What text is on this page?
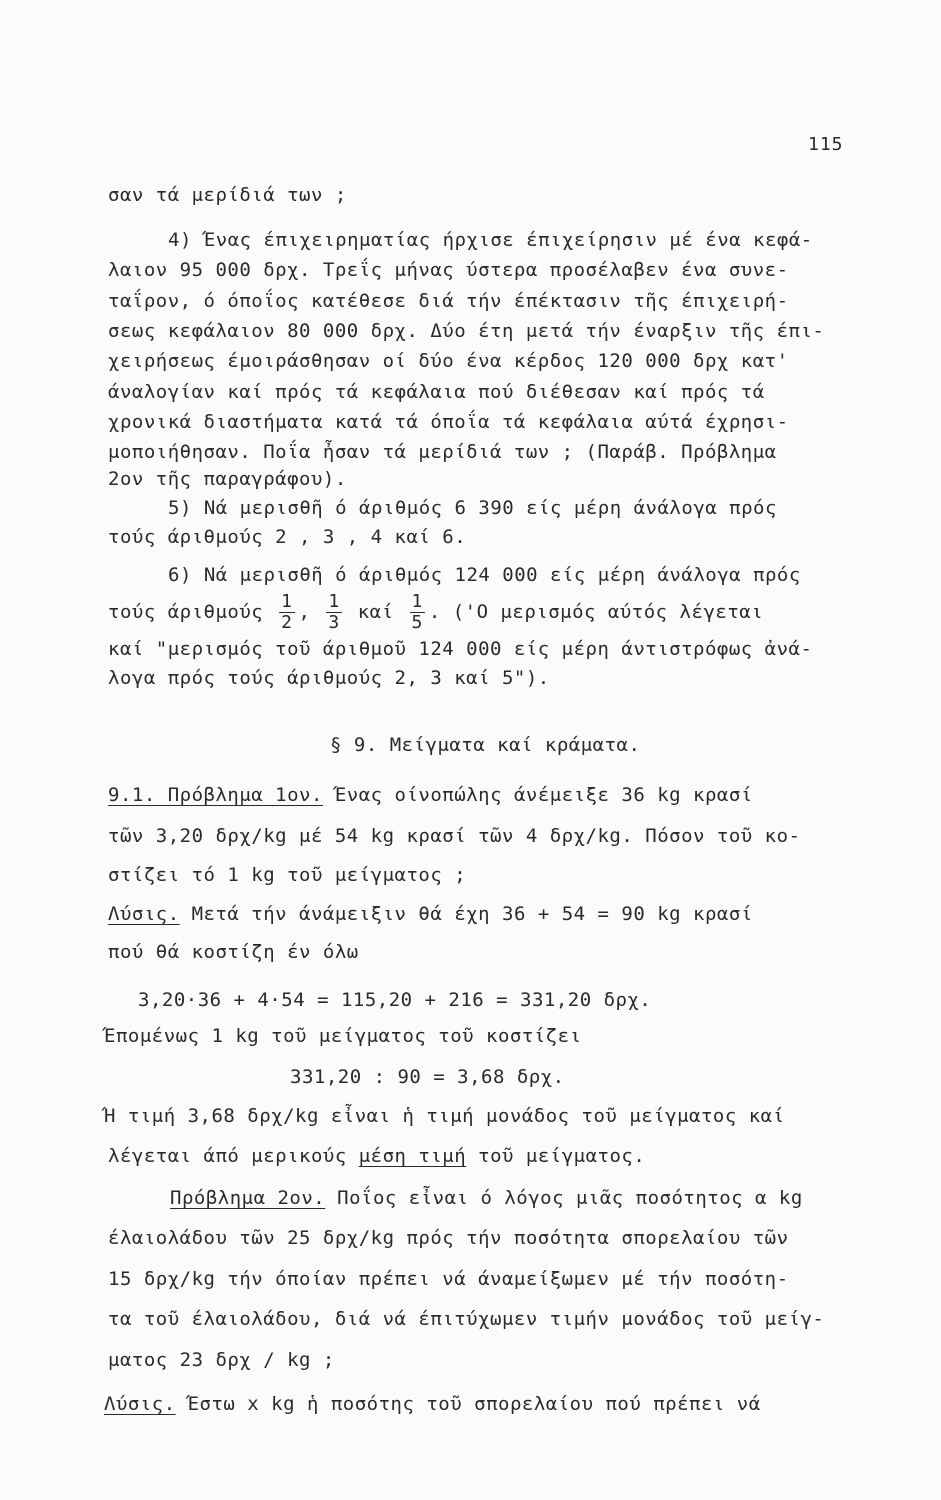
115
σαν τά μερίδιά των ;
4) Ένας έπιχειρηματίας ήρχισε έπιχείρησιν μέ ένα κεφά-
λαιον 95 000 δρχ. Τρεΐς μήνας ύστερα προσέλαβεν ένα συνε-
ταΐρον, ό όποΐος κατέθεσε διά τήν έπέκτασιν τῆς έπιχειρή-
σεως κεφάλαιον 80 000 δρχ. Δύο έτη μετά τήν έναρξιν τῆς έπι-
χειρήσεως έμοιράσθησαν οί δύο ένα κέρδος 120 000 δρχ κατ'
άναλογίαν καί πρός τά κεφάλαια πού διέθεσαν καί πρός τά
χρονικά διαστήματα κατά τά όποΐα τά κεφάλαια αύτά έχρησι-
μοποιήθησαν. Ποΐα ἦσαν τά μερίδιά των ; (Παράβ. Πρόβλημα
2ον τῆς παραγράφου).
5) Νά μερισθῆ ό άριθμός 6 390 είς μέρη άνάλογα πρός
τούς άριθμούς 2 , 3 , 4 καί 6.
6) Νά μερισθῆ ό άριθμός 124 000 είς μέρη άνάλογα πρός
τούς άριθμούς $\frac{1}{2}$ , $\frac{1}{3}$ καί $\frac{1}{5}$ . ('Ο μερισμός αύτός λέγεται
καί "μερισμός τοῦ άριθμοῦ 124 000 είς μέρη άντιστρόφως ἀνά-
λογα πρός τούς άριθμούς 2, 3 καί 5").
§ 9. Μείγματα καί κράματα.
9.1. Πρόβλημα 1ον. Ένας οίνοπώλης άνέμειξε 36 kg κρασί
τῶν 3,20 δρχ/kg μέ 54 kg κρασί τῶν 4 δρχ/kg. Πόσον τοῦ κο-
στίζει τό 1 kg τοῦ μείγματος ;
Λύσις. Μετά τήν άνάμειξιν θά έχη 36 + 54 = 90 kg κρασί
πού θά κοστίζη έν όλω
3,20·36 + 4·54 = 115,20 + 216 = 331,20 δρχ.
Έπομένως 1 kg τοῦ μείγματος τοῦ κοστίζει
331,20 : 90 = 3,68 δρχ.
Ή τιμή 3,68 δρχ/kg εἶναι ἡ τιμή μονάδος τοῦ μείγματος καί
λέγεται άπό μερικούς μέση τιμή τοῦ μείγματος.
Πρόβλημα 2ον. Ποΐος εἶναι ό λόγος μιᾶς ποσότητος α kg
έλαιολάδου τῶν 25 δρχ/kg πρός τήν ποσότητα σπορελαίου τῶν
15 δρχ/kg τήν όποίαν πρέπει νά άναμείξωμεν μέ τήν ποσότη-
τα τοῦ έλαιολάδου, διά νά έπιτύχωμεν τιμήν μονάδος τοῦ μείγ-
ματος 23 δρχ / kg ;
Λύσις. Έστω x kg ἡ ποσότης τοῦ σπορελαίου πού πρέπει νά
